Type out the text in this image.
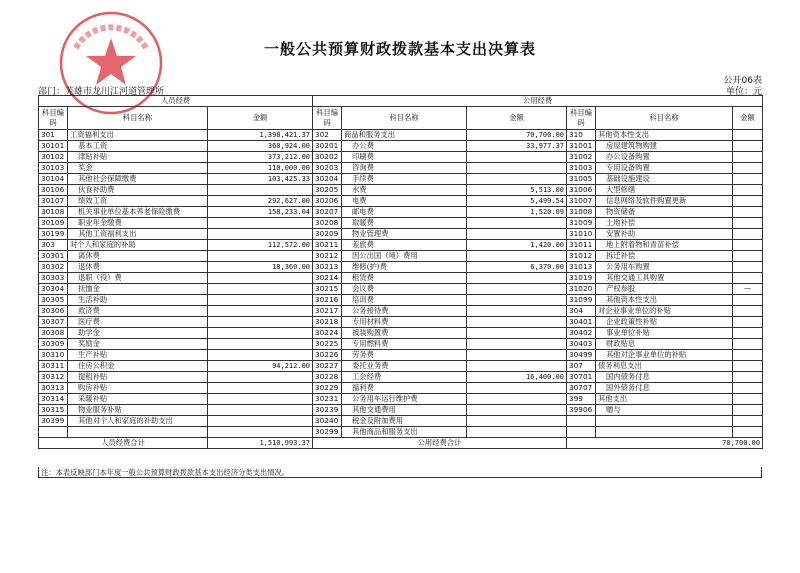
一般公共预算财政拨款基本支出决算表
公开06表
单位：元
部门：芜雄市龙川江河道管理所
人员经费			公用经费					
科目编码	科目名称	金额	科目编码	科目名称	金额	科目编码	科目名称	金额
301	工资福利支出	1,398,421.37	302	商品和服务支出	70,700.00	310	其他资本性支出	
30101	基本工资	360,924.00	30201	办公费	33,977.37	31001	房屋建筑物购建	
30102	津贴补贴	373,212.00	30202	印刷费		31002	办公设备购置	
30103	奖金	110,000.00	30203	咨询费		31003	专用设备购置	
30104	其他社会保障缴费	103,425.33	30204	手续费		31005	基础设施建设	
30106	伙食补助费		30205	水费	5,513.00	31006	大型修缮	
30107	绩效工资	292,627.00	30206	电费	5,499.54	31007	信息网络及软件购置更新	
30108	机关事业单位基本养老保险缴费	158,233.04	30207	邮电费	1,520.09	31008	物资储备	
30109	职业年金缴费		30208	取暖费		31009	土地补偿	
30199	其他工资福利支出		30209	物业管理费		31010	安置补助	
303	对个人和家庭的补助	112,572.00	30211	差旅费	1,420.00	31011	地上附着物和青苗补偿	
30301	离休费		30212	因公出国（境）费用		31012	拆迁补偿	
30302	退休费	18,360.00	30213	维修(护)费	6,370.00	31013	公务用车购置	
30303	退职（役）费		30214	租赁费		31019	其他交通工具购置	
30304	抚恤金		30215	会议费		31020	产权参股	—
30305	生活补助		30216	培训费		31099	其他资本性支出	
30306	救济费		30217	公务接待费		304	对企业事业单位的补贴	
30307	医疗费		30218	专用材料费		30401	企业政策性补贴	
30308	助学金		30224	被装购置费		30402	事业单位补贴	
30309	奖励金		30225	专用燃料费		30403	财政贴息	
30310	生产补贴		30226	劳务费		30499	其他对企事业单位的补贴	
30311	住房公积金	94,212.00	30227	委托业务费		307	债务利息支出	
30312	提租补贴		30228	工会经费	16,400.00	30701	国内债务付息	
30313	购房补贴		30229	福利费		30707	国外债务付息	
30314	采暖补贴		30231	公务用车运行维护费		399	其他支出	
30315	物业服务补贴		30239	其他交通费用		39906	赠与	
30399	其他对个人和家庭的补助支出		30240	税金及附加费用				
			30299	其他商品和服务支出				
人员经费合计		1,510,993.37	公用经费合计			70,700.00		
注：本表反映部门本年度一般公共预算财政拨款基本支出经济分类支出情况。
